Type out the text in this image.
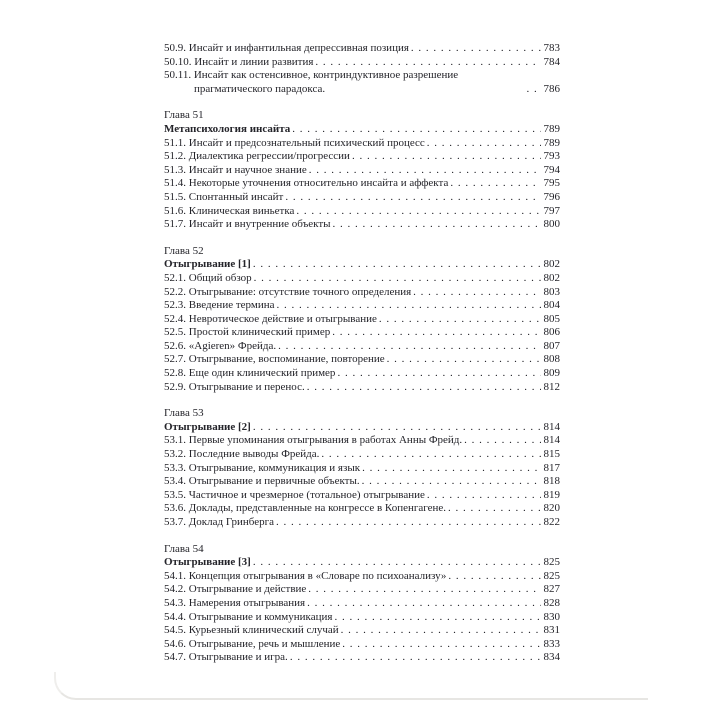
50.9. Инсайт и инфантильная депрессивная позиция . . .	783
50.10. Инсайт и линии развития . . .	784
50.11. Инсайт как остенсивное, контриндуктивное разрешение прагматического парадокса. . . .	786
Глава 51
Метапсихология инсайта . . .	789
51.1. Инсайт и предсознательный психический процесс . . .	789
51.2. Диалектика регрессии/прогрессии . . .	793
51.3. Инсайт и научное знание . . .	794
51.4. Некоторые уточнения относительно инсайта и аффекта . . .	795
51.5. Спонтанный инсайт . . .	796
51.6. Клиническая виньетка . . .	797
51.7. Инсайт и внутренние объекты . . .	800
Глава 52
Отыгрывание [1] . . .	802
52.1. Общий обзор . . .	802
52.2. Отыгрывание: отсутствие точного определения . . .	803
52.3. Введение термина . . .	804
52.4. Невротическое действие и отыгрывание . . .	805
52.5. Простой клинический пример . . .	806
52.6. «Agieren» Фрейда. . . .	807
52.7. Отыгрывание, воспоминание, повторение . . .	808
52.8. Еще один клинический пример . . .	809
52.9. Отыгрывание и перенос. . . .	812
Глава 53
Отыгрывание [2] . . .	814
53.1. Первые упоминания отыгрывания в работах Анны Фрейд. . . .	814
53.2. Последние выводы Фрейда. . . .	815
53.3. Отыгрывание, коммуникация и язык . . .	817
53.4. Отыгрывание и первичные объекты. . . .	818
53.5. Частичное и чрезмерное (тотальное) отыгрывание . . .	819
53.6. Доклады, представленные на конгрессе в Копенгагене. . . .	820
53.7. Доклад Гринберга . . .	822
Глава 54
Отыгрывание [3] . . .	825
54.1. Концепция отыгрывания в «Словаре по психоанализу» . . .	825
54.2. Отыгрывание и действие . . .	827
54.3. Намерения отыгрывания . . .	828
54.4. Отыгрывание и коммуникация . . .	830
54.5. Курьезный клинический случай . . .	831
54.6. Отыгрывание, речь и мышление . . .	833
54.7. Отыгрывание и игра. . . .	834
